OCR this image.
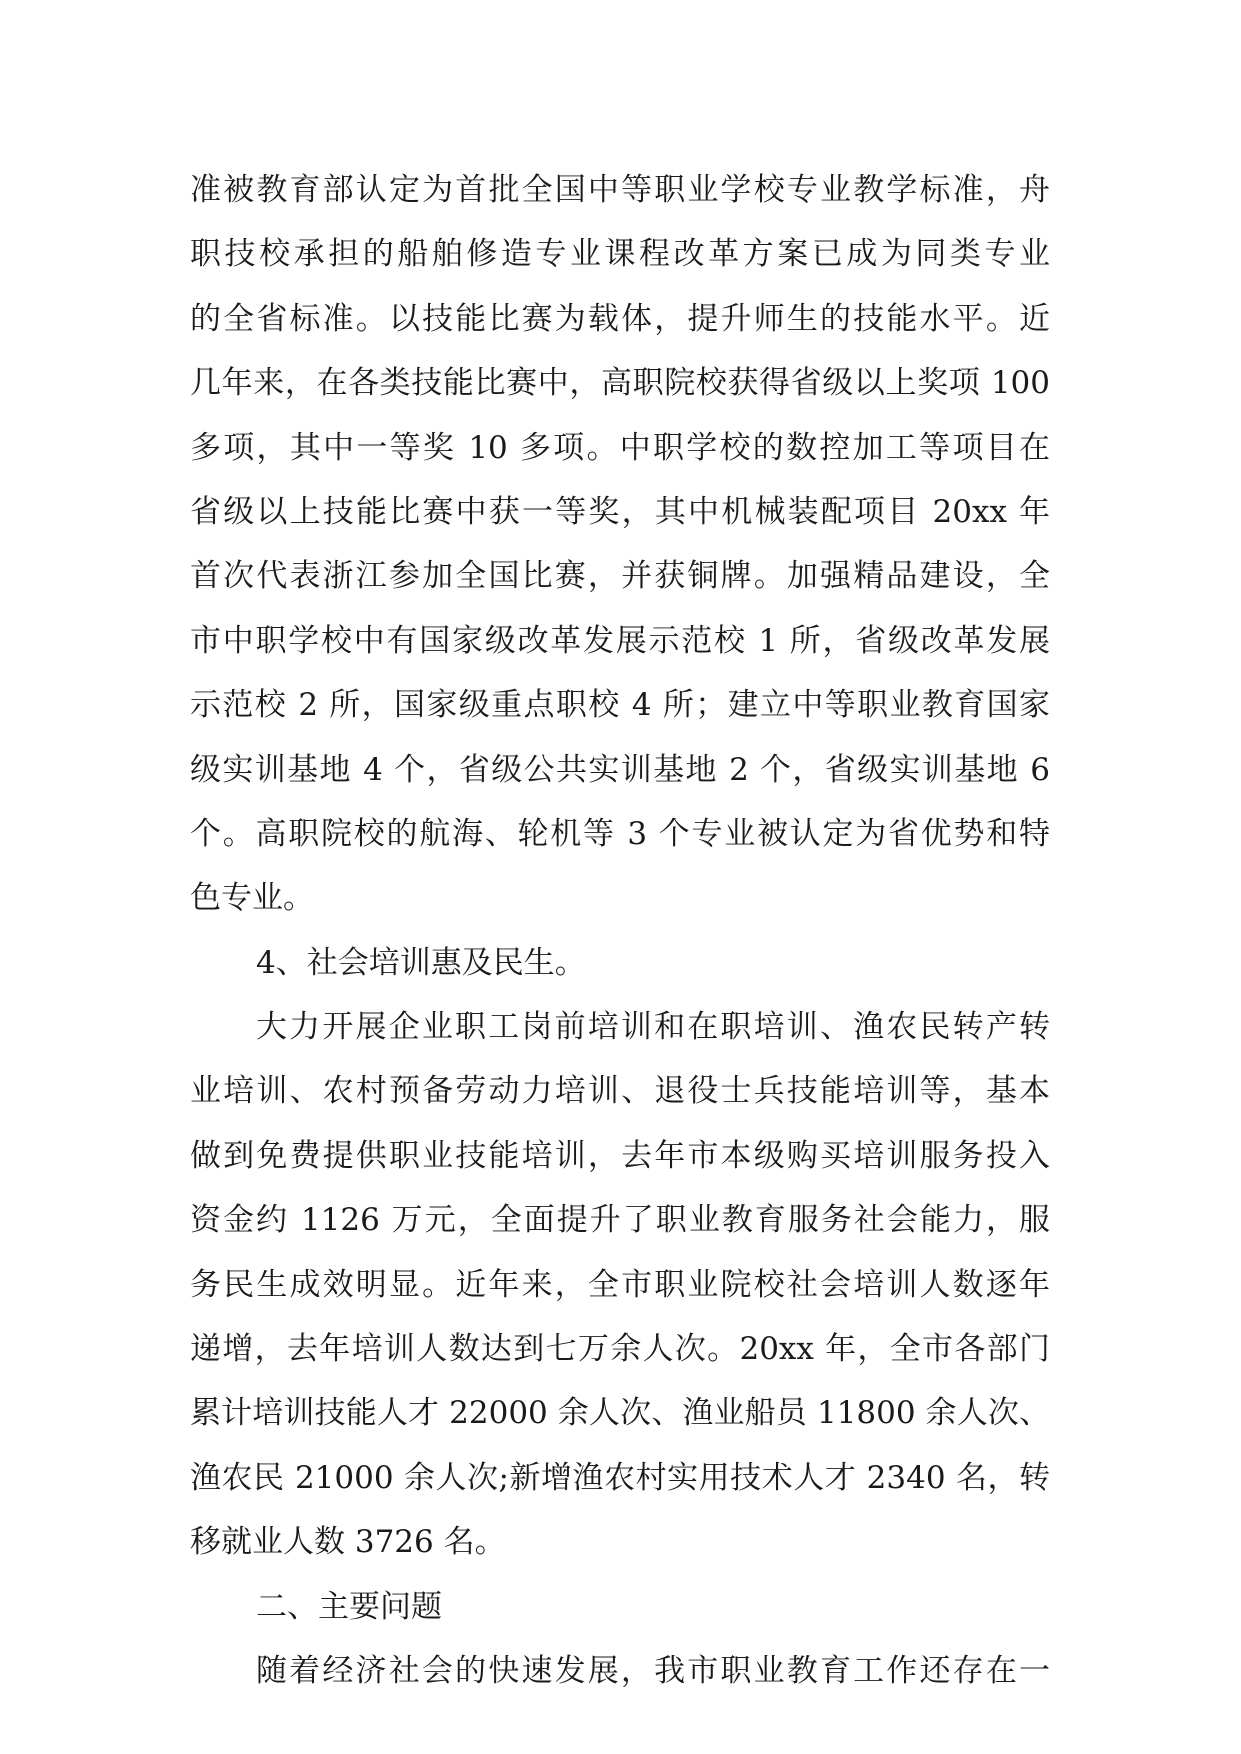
准被教育部认定为首批全国中等职业学校专业教学标准，舟
职技校承担的船舶修造专业课程改革方案已成为同类专业
的全省标准。以技能比赛为载体，提升师生的技能水平。近
几年来，在各类技能比赛中，高职院校获得省级以上奖项 100
多项，其中一等奖 10 多项。中职学校的数控加工等项目在
省级以上技能比赛中获一等奖，其中机械装配项目 20xx 年
首次代表浙江参加全国比赛，并获铜牌。加强精品建设，全
市中职学校中有国家级改革发展示范校 1 所，省级改革发展
示范校 2 所，国家级重点职校 4 所；建立中等职业教育国家
级实训基地 4 个，省级公共实训基地 2 个，省级实训基地 6
个。高职院校的航海、轮机等 3 个专业被认定为省优势和特
色专业。
4、社会培训惠及民生。
大力开展企业职工岗前培训和在职培训、渔农民转产转
业培训、农村预备劳动力培训、退役士兵技能培训等，基本
做到免费提供职业技能培训，去年市本级购买培训服务投入
资金约 1126 万元，全面提升了职业教育服务社会能力，服
务民生成效明显。近年来，全市职业院校社会培训人数逐年
递增，去年培训人数达到七万余人次。20xx 年，全市各部门
累计培训技能人才 22000 余人次、渔业船员 11800 余人次、
渔农民 21000 余人次;新增渔农村实用技术人才 2340 名，转
移就业人数 3726 名。
二、主要问题
随着经济社会的快速发展，我市职业教育工作还存在一
